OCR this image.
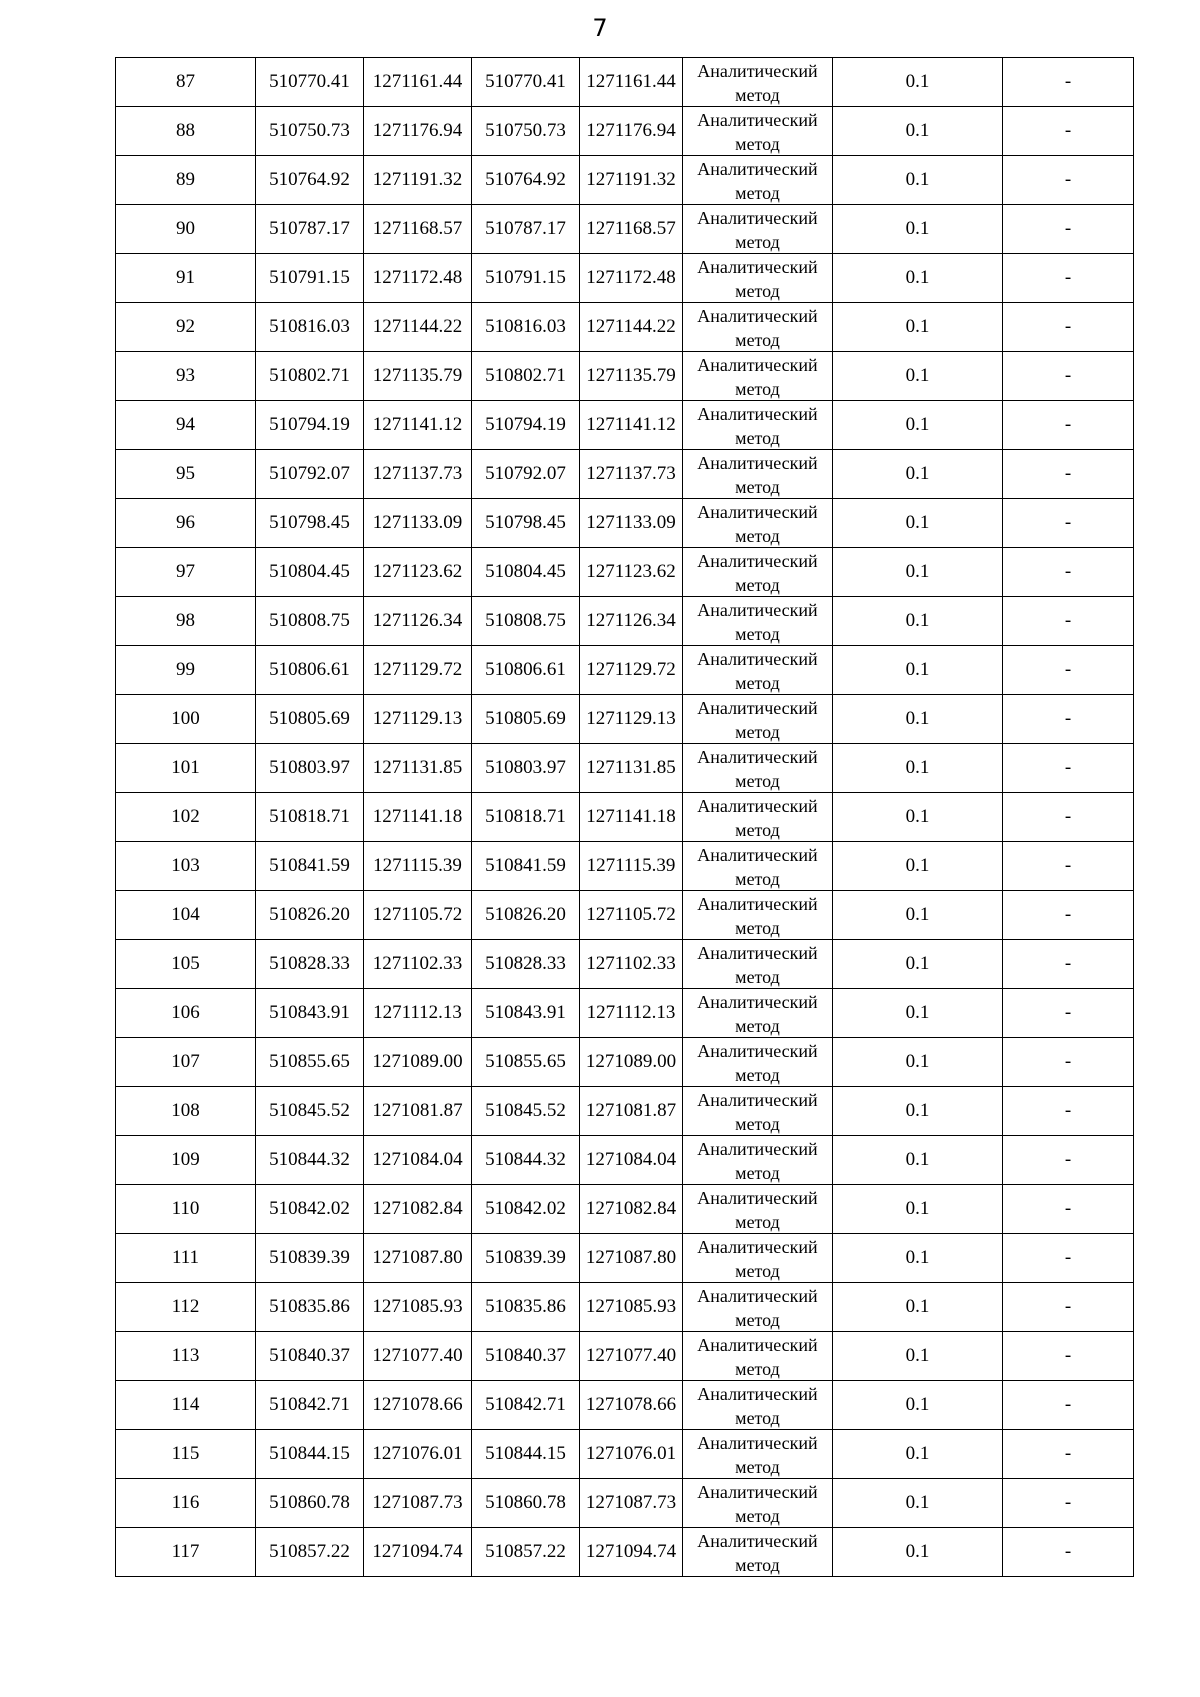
7
87	510770.41	1271161.44	510770.41	1271161.44	Аналитический
метод	0.1	-
88	510750.73	1271176.94	510750.73	1271176.94	Аналитический
метод	0.1	-
89	510764.92	1271191.32	510764.92	1271191.32	Аналитический
метод	0.1	-
90	510787.17	1271168.57	510787.17	1271168.57	Аналитический
метод	0.1	-
91	510791.15	1271172.48	510791.15	1271172.48	Аналитический
метод	0.1	-
92	510816.03	1271144.22	510816.03	1271144.22	Аналитический
метод	0.1	-
93	510802.71	1271135.79	510802.71	1271135.79	Аналитический
метод	0.1	-
94	510794.19	1271141.12	510794.19	1271141.12	Аналитический
метод	0.1	-
95	510792.07	1271137.73	510792.07	1271137.73	Аналитический
метод	0.1	-
96	510798.45	1271133.09	510798.45	1271133.09	Аналитический
метод	0.1	-
97	510804.45	1271123.62	510804.45	1271123.62	Аналитический
метод	0.1	-
98	510808.75	1271126.34	510808.75	1271126.34	Аналитический
метод	0.1	-
99	510806.61	1271129.72	510806.61	1271129.72	Аналитический
метод	0.1	-
100	510805.69	1271129.13	510805.69	1271129.13	Аналитический
метод	0.1	-
101	510803.97	1271131.85	510803.97	1271131.85	Аналитический
метод	0.1	-
102	510818.71	1271141.18	510818.71	1271141.18	Аналитический
метод	0.1	-
103	510841.59	1271115.39	510841.59	1271115.39	Аналитический
метод	0.1	-
104	510826.20	1271105.72	510826.20	1271105.72	Аналитический
метод	0.1	-
105	510828.33	1271102.33	510828.33	1271102.33	Аналитический
метод	0.1	-
106	510843.91	1271112.13	510843.91	1271112.13	Аналитический
метод	0.1	-
107	510855.65	1271089.00	510855.65	1271089.00	Аналитический
метод	0.1	-
108	510845.52	1271081.87	510845.52	1271081.87	Аналитический
метод	0.1	-
109	510844.32	1271084.04	510844.32	1271084.04	Аналитический
метод	0.1	-
110	510842.02	1271082.84	510842.02	1271082.84	Аналитический
метод	0.1	-
111	510839.39	1271087.80	510839.39	1271087.80	Аналитический
метод	0.1	-
112	510835.86	1271085.93	510835.86	1271085.93	Аналитический
метод	0.1	-
113	510840.37	1271077.40	510840.37	1271077.40	Аналитический
метод	0.1	-
114	510842.71	1271078.66	510842.71	1271078.66	Аналитический
метод	0.1	-
115	510844.15	1271076.01	510844.15	1271076.01	Аналитический
метод	0.1	-
116	510860.78	1271087.73	510860.78	1271087.73	Аналитический
метод	0.1	-
117	510857.22	1271094.74	510857.22	1271094.74	Аналитический
метод	0.1	-
